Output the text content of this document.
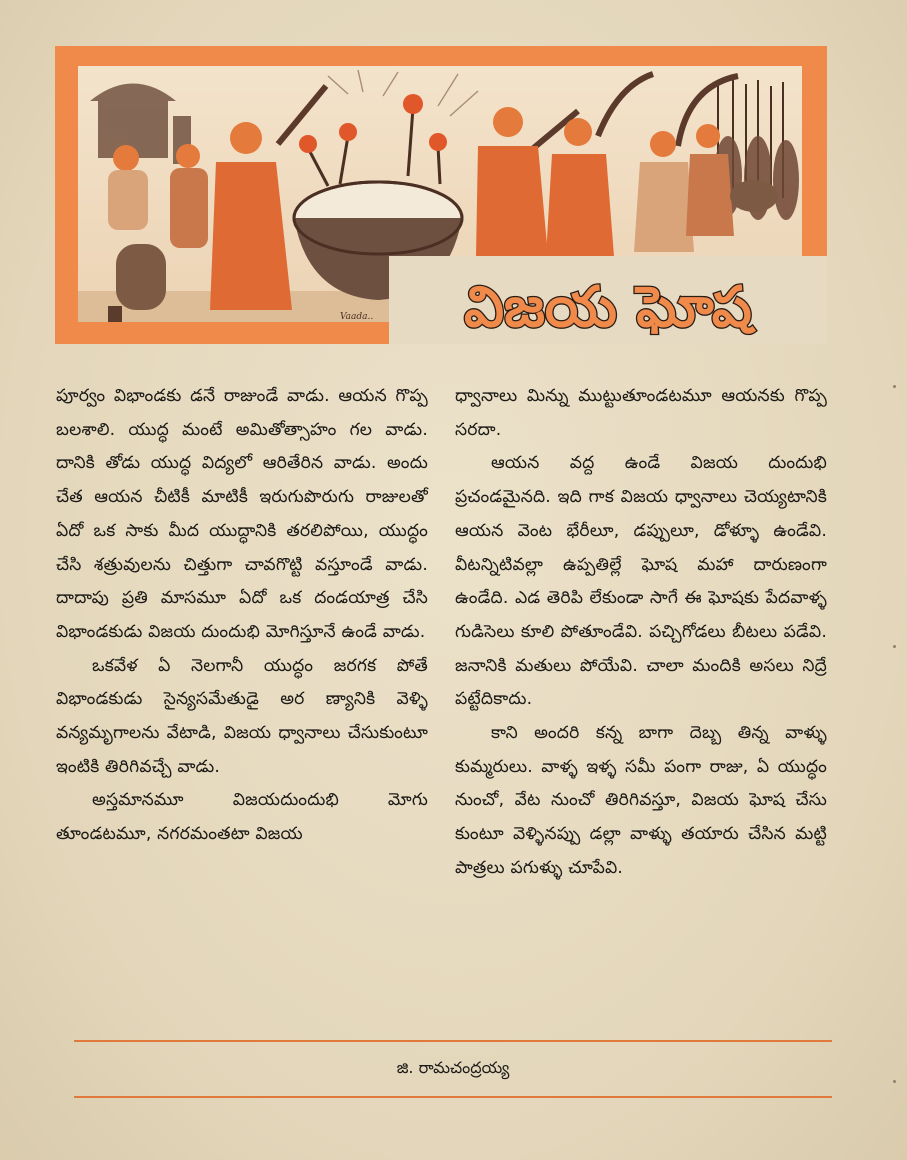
Vaada.. విజయ ఘోష

పూర్వం విభాండకు డనే రాజుండే వాడు. ఆయన గొప్ప బలశాలి. యుద్ధ మంటే అమితోత్సాహం గల వాడు. దానికి తోడు యుద్ధ విద్యలో ఆరితేరిన వాడు. అందు చేత ఆయన చీటికీ మాటికీ ఇరుగుపొరుగు రాజులతో ఏదో ఒక సాకు మీద యుద్ధానికి తరలిపోయి, యుద్ధం చేసి శత్రువులను చిత్తుగా చావగొట్టి వస్తూండే వాడు. దాదాపు ప్రతి మాసమూ ఏదో ఒక దండయాత్ర చేసి విభాండకుడు విజయ దుందుభి మోగిస్తూనే ఉండే వాడు.

ఒకవేళ ఏ నెలగానీ యుద్ధం జరగక పోతే విభాండకుడు సైన్యసమేతుడై అర ణ్యానికి వెళ్ళి వన్యమృగాలను వేటాడి, విజయ ధ్వానాలు చేసుకుంటూ ఇంటికి తిరిగివచ్చే వాడు.

అస్తమానమూ విజయదుందుభి మోగు తూండటమూ, నగరమంతటా విజయ

ధ్వానాలు మిన్ను ముట్టుతూండటమూ ఆయనకు గొప్ప సరదా.

ఆయన వద్ద ఉండే విజయ దుందుభి ప్రచండమైనది. ఇది గాక విజయ ధ్వానాలు చెయ్యటానికి ఆయన వెంట భేరీలూ, డప్పులూ, డోళ్ళూ ఉండేవి. వీటన్నిటివల్లా ఉప్పతిల్లే ఘోష మహా దారుణంగా ఉండేది. ఎడ తెరిపి లేకుండా సాగే ఈ ఘోషకు పేదవాళ్ళ గుడిసెలు కూలి పోతూండేవి. పచ్చిగోడలు బీటలు పడేవి. జనానికి మతులు పోయేవి. చాలా మందికి అసలు నిద్రే పట్టేదికాదు.

కాని అందరి కన్న బాగా దెబ్బ తిన్న వాళ్ళు కుమ్మరులు. వాళ్ళ ఇళ్ళ సమీ పంగా రాజు, ఏ యుద్ధం నుంచో, వేట నుంచో తిరిగివస్తూ, విజయ ఘోష చేసు కుంటూ వెళ్ళినప్పు డల్లా వాళ్ళు తయారు చేసిన మట్టి పాత్రలు పగుళ్ళు చూపేవి.

జి. రామచంద్రయ్య
